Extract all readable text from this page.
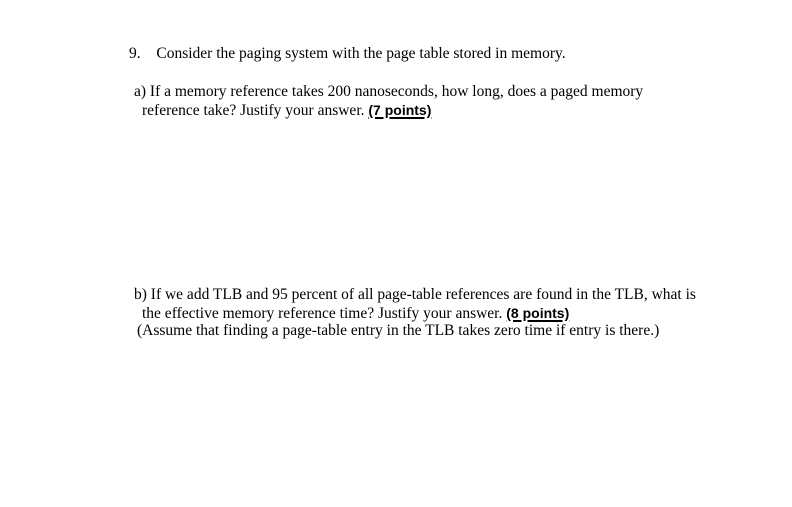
9. Consider the paging system with the page table stored in memory.
a) If a memory reference takes 200 nanoseconds, how long, does a paged memory
reference take? Justify your answer. (7 points)
b) If we add TLB and 95 percent of all page-table references are found in the TLB, what is
the effective memory reference time? Justify your answer. (8 points)
(Assume that finding a page-table entry in the TLB takes zero time if entry is there.)
